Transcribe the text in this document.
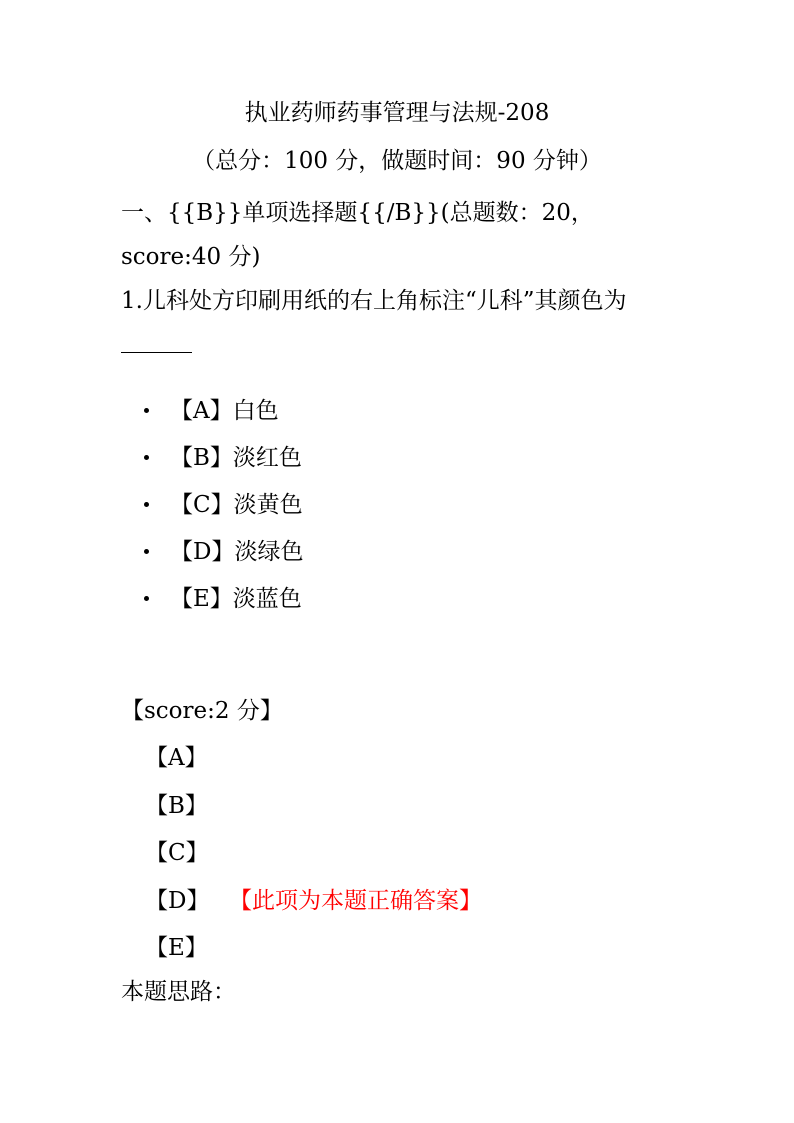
执业药师药事管理与法规-208
（总分：100 分，做题时间：90 分钟）
一、{{B}}单项选择题{{/B}}(总题数：20，score:40 分)
1.儿科处方印刷用纸的右上角标注“儿科”其颜色为
【A】白色
【B】淡红色
【C】淡黄色
【D】淡绿色
【E】淡蓝色
【score:2 分】
【A】
【B】
【C】
【D】 【此项为本题正确答案】
【E】
本题思路：
